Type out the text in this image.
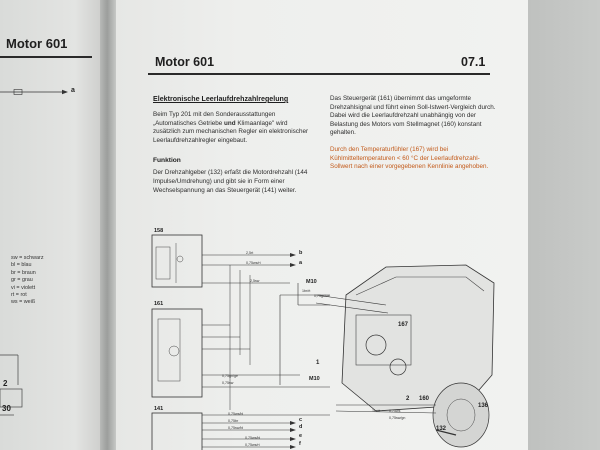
Motor 601
a
sw = schwarz
bl = blau
br = braun
gr = grau
vi = violett
rt = rot
ws = weiß
2
30
Motor 601	07.1
Elektronische Leerlaufdrehzahlregelung
Beim Typ 201 mit den Sonderausstattungen „Automatisches Getriebe und Klimaanlage" wird zusätzlich zum mechanischen Regler ein elektronischer Leerlaufdrehzahlregler eingebaut.
Funktion
Der Drehzahlgeber (132) erfaßt die Motordrehzahl (144 Impulse/Umdrehung) und gibt sie in Form einer Wechselspannung an das Steuergerät (141) weiter.
Das Steuergerät (161) übernimmt das umgeformte Drehzahlsignal und führt einen Soll-Istwert-Vergleich durch. Dabei wird die Leerlaufdrehzahl unabhängig von der Belastung des Motors vom Stellmagnet (160) konstant gehalten.
Durch den Temperaturfühler (167) wird bei Kühlmitteltemperaturen < 60 °C der Leerlaufdrehzahl-Sollwert nach einer vorgegebenen Kennlinie angehoben.
158
161
141
b
a
c
d
e
f
M10
M10
167
1
2 160
136
132
2,5rt
0,75ws/rt
2,5sw
1br/rt
0,75gr/sw
0,75gn/ge
0,75sw
0,75ws/bl
0,75br
0,75sw/bl
0,75ws/bl
0,75ws/rt
1br/rt 0,75ws
0,75sw/gn
